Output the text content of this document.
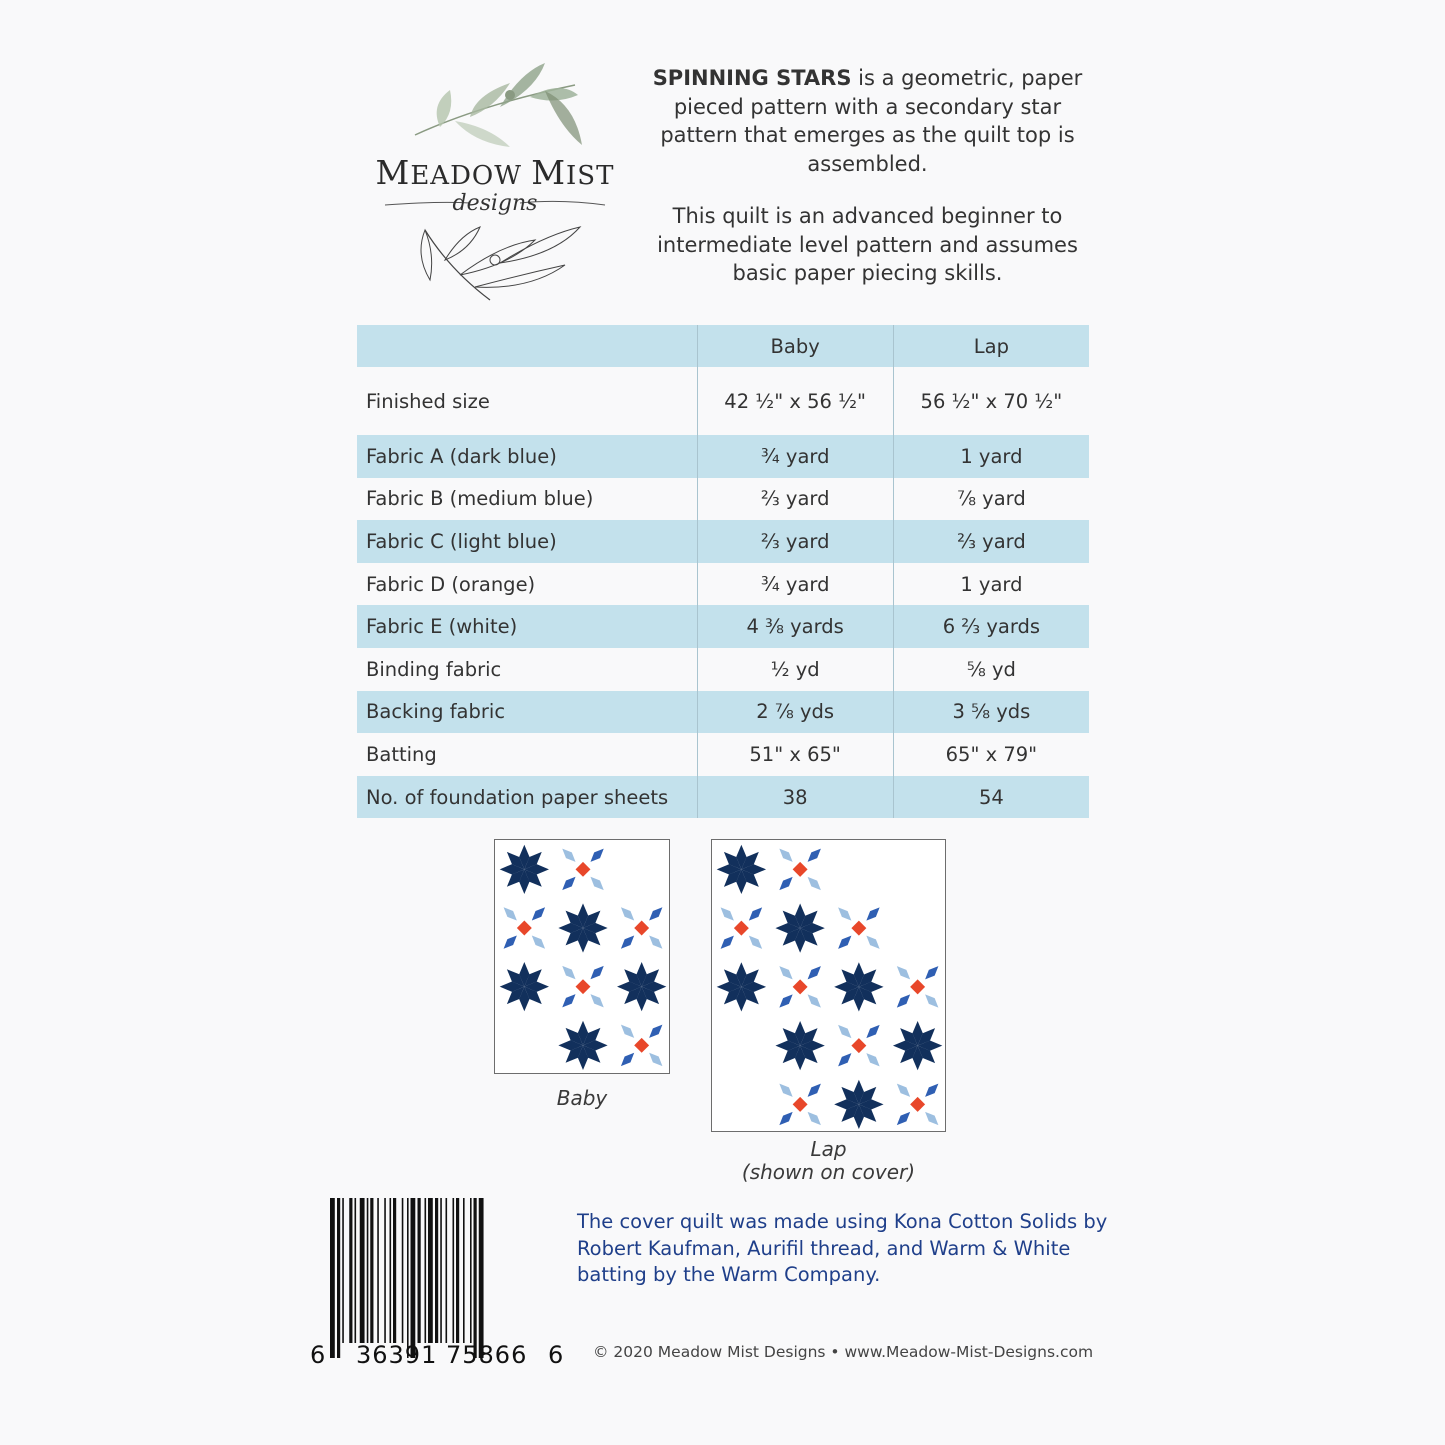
MEADOW MIST
designs

SPINNING STARS is a geometric, paper pieced pattern with a secondary star pattern that emerges as the quilt top is assembled.

This quilt is an advanced beginner to intermediate level pattern and assumes basic paper piecing skills.

	Baby	Lap
Finished size	42 ½" x 56 ½"	56 ½" x 70 ½"
Fabric A (dark blue)	¾ yard	1 yard
Fabric B (medium blue)	⅔ yard	⅞ yard
Fabric C (light blue)	⅔ yard	⅔ yard
Fabric D (orange)	¾ yard	1 yard
Fabric E (white)	4 ⅜ yards	6 ⅔ yards
Binding fabric	½ yd	⅝ yd
Backing fabric	2 ⅞ yds	3 ⅝ yds
Batting	51" x 65"	65" x 79"
No. of foundation paper sheets	38	54
Baby
Lap
(shown on cover)
6 36391 75866 6
The cover quilt was made using Kona Cotton Solids by Robert Kaufman, Aurifil thread, and Warm & White batting by the Warm Company.
© 2020 Meadow Mist Designs • www.Meadow-Mist-Designs.com
